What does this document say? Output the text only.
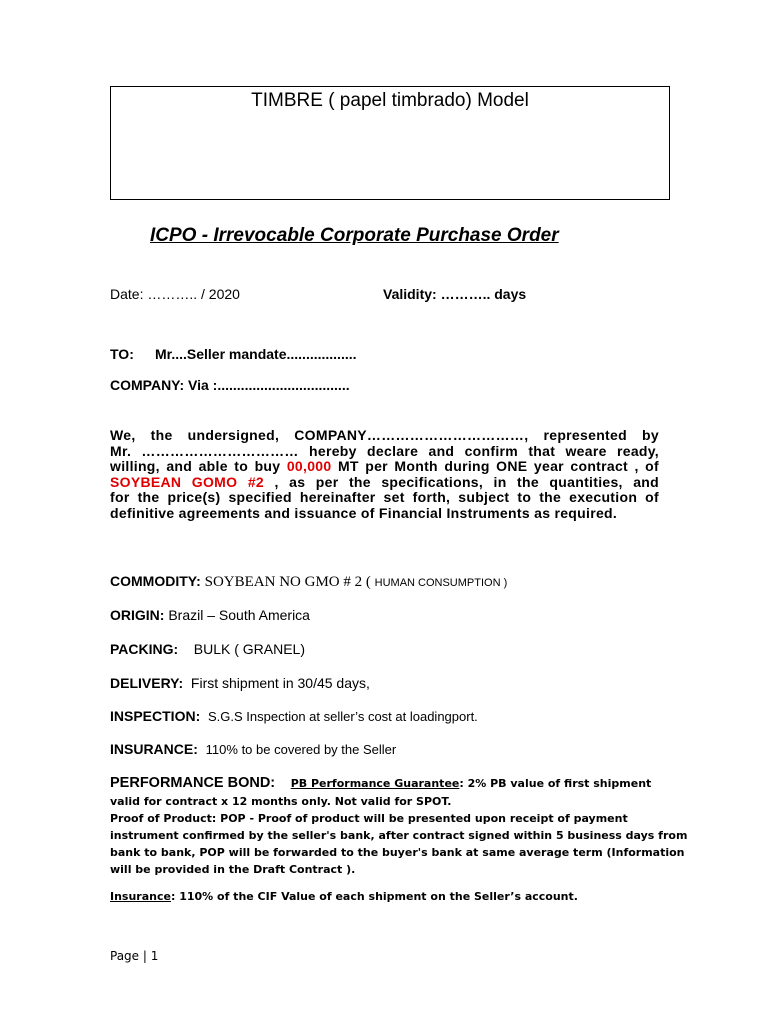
TIMBRE ( papel timbrado) Model
ICPO - Irrevocable Corporate Purchase Order
Date: ……….. / 2020	Validity: ……….. days
TO: Mr....Seller mandate..................
COMPANY: Via :..................................
We, the undersigned, COMPANY……………………………, represented by
Mr. …………………………… hereby declare and confirm that weare ready,
willing, and able to buy 00,000 MT per Month during ONE year contract , of
SOYBEAN GOMO #2 , as per the specifications, in the quantities, and
for the price(s) specified hereinafter set forth, subject to the execution of
definitive agreements and issuance of Financial Instruments as required.
COMMODITY: SOYBEAN NO GMO # 2 ( HUMAN CONSUMPTION )
ORIGIN: Brazil – South America
PACKING: BULK ( GRANEL)
DELIVERY: First shipment in 30/45 days,
INSPECTION: S.G.S Inspection at seller’s cost at loadingport.
INSURANCE: 110% to be covered by the Seller
PERFORMANCE BOND: PB Performance Guarantee: 2% PB value of first shipment
valid for contract x 12 months only. Not valid for SPOT.
Proof of Product: POP - Proof of product will be presented upon receipt of payment
instrument confirmed by the seller's bank, after contract signed within 5 business days from
bank to bank, POP will be forwarded to the buyer's bank at same average term (Information
will be provided in the Draft Contract ).
Insurance: 110% of the CIF Value of each shipment on the Seller’s account.
Page | 1
